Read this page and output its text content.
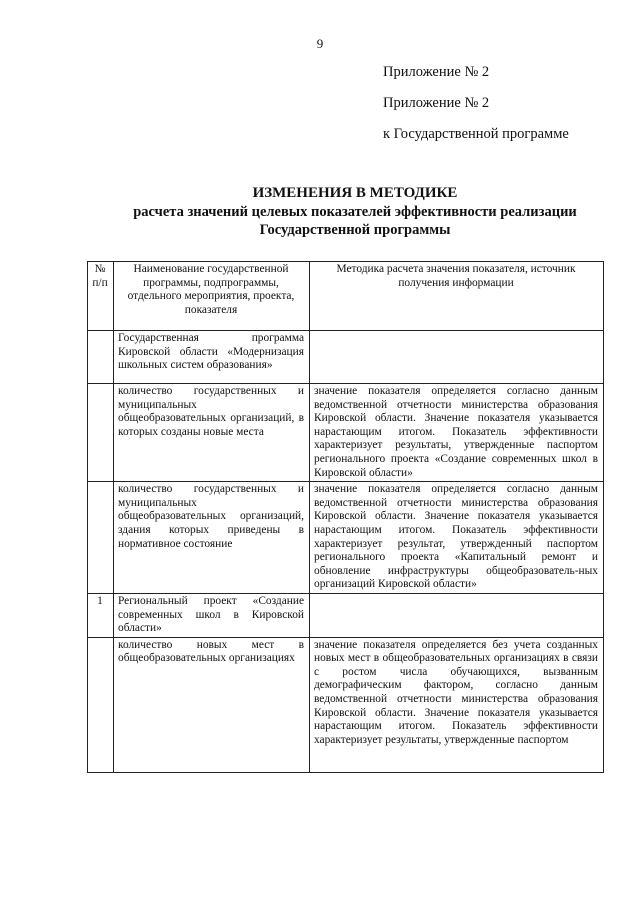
9
Приложение № 2
Приложение № 2
к Государственной программе
ИЗМЕНЕНИЯ В МЕТОДИКЕ
расчета значений целевых показателей эффективности реализации
Государственной программы
№ п/п	Наименование государственной программы, подпрограммы, отдельного мероприятия, проекта, показателя	Методика расчета значения показателя, источник получения информации
	Государственная программа Кировской области «Модернизация школьных систем образования»	
	количество государственных и муниципальных общеобразовательных организаций, в которых созданы новые места	значение показателя определяется согласно данным ведомственной отчетности министерства образования Кировской области. Значение показателя указывается нарастающим итогом. Показатель эффективности характеризует результаты, утвержденные паспортом регионального проекта «Создание современных школ в Кировской области»
	количество государственных и муниципальных общеобразовательных организаций, здания которых приведены в нормативное состояние	значение показателя определяется согласно данным ведомственной отчетности министерства образования Кировской области. Значение показателя указывается нарастающим итогом. Показатель эффективности характеризует результат, утвержденный паспортом регионального проекта «Капитальный ремонт и обновление инфраструктуры общеобразователь-ных организаций Кировской области»
1	Региональный проект «Создание современных школ в Кировской области»	
	количество новых мест в общеобразовательных организациях	значение показателя определяется без учета созданных новых мест в общеобразовательных организациях в связи с ростом числа обучающихся, вызванным демографическим фактором, согласно данным ведомственной отчетности министерства образования Кировской области. Значение показателя указывается нарастающим итогом. Показатель эффективности характеризует результаты, утвержденные паспортом
